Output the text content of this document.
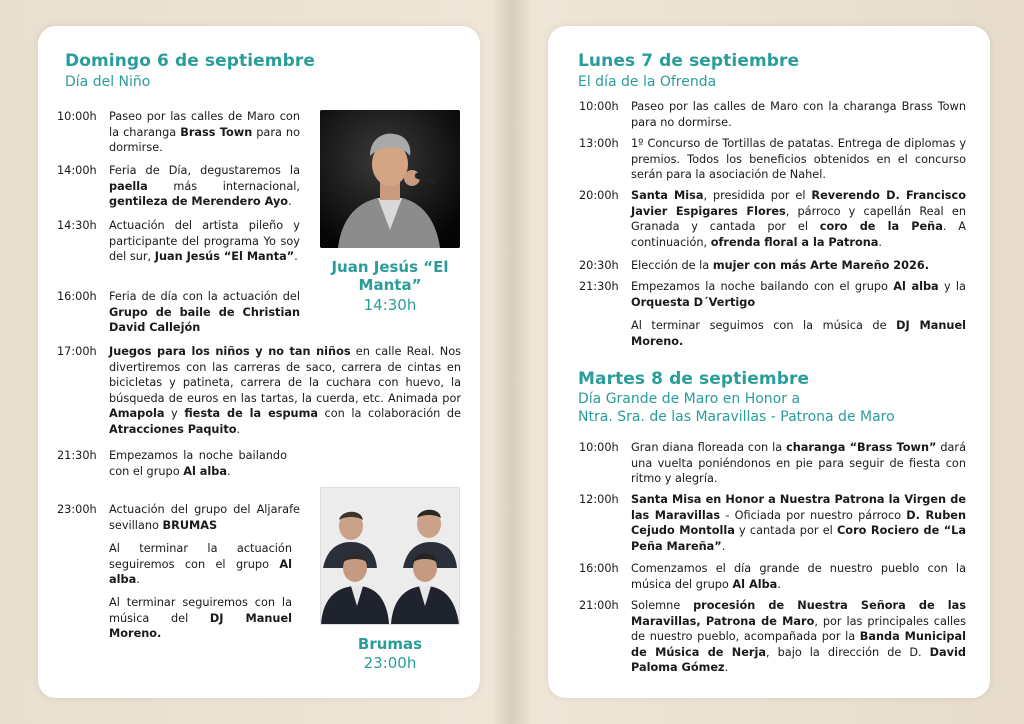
Domingo 6 de septiembre
Día del Niño
10:00h	Paseo por las calles de Maro con la charanga Brass Town para no dormirse.
14:00h	Feria de Día, degustaremos la paella más internacional, gentileza de Merendero Ayo.
14:30h	Actuación del artista pileño y participante del programa Yo soy del sur, Juan Jesús “El Manta”.
16:00h	Feria de día con la actuación del Grupo de baile de Christian David Callejón
17:00h	Juegos para los niños y no tan niños en calle Real. Nos divertiremos con las carreras de saco, carrera de cintas en bicicletas y patineta, carrera de la cuchara con huevo, la búsqueda de euros en las tartas, la cuerda, etc. Animada por Amapola y fiesta de la espuma con la colaboración de Atracciones Paquito.
21:30h	Empezamos la noche bailando con el grupo Al alba.
23:00h	Actuación del grupo del Aljarafe sevillano BRUMAS
Al terminar la actuación seguiremos con el grupo Al alba.
Al terminar seguiremos con la música del DJ Manuel Moreno.
Juan Jesús “El Manta”
14:30h
Brumas
23:00h
Lunes 7 de septiembre
El día de la Ofrenda
10:00h	Paseo por las calles de Maro con la charanga Brass Town para no dormirse.
13:00h	1º Concurso de Tortillas de patatas. Entrega de diplomas y premios. Todos los beneficios obtenidos en el concurso serán para la asociación de Nahel.
20:00h	Santa Misa, presidida por el Reverendo D. Francisco Javier Espigares Flores, párroco y capellán Real en Granada y cantada por el coro de la Peña. A continuación, ofrenda floral a la Patrona.
20:30h	Elección de la mujer con más Arte Mareño 2026.
21:30h	Empezamos la noche bailando con el grupo Al alba y la Orquesta D´Vertigo
Al terminar seguimos con la música de DJ Manuel Moreno.
Martes 8 de septiembre
Día Grande de Maro en Honor a
Ntra. Sra. de las Maravillas - Patrona de Maro
10:00h	Gran diana floreada con la charanga “Brass Town” dará una vuelta poniéndonos en pie para seguir de fiesta con ritmo y alegría.
12:00h	Santa Misa en Honor a Nuestra Patrona la Virgen de las Maravillas - Oficiada por nuestro párroco D. Ruben Cejudo Montolla y cantada por el Coro Rociero de “La Peña Mareña”.
16:00h	Comenzamos el día grande de nuestro pueblo con la música del grupo Al Alba.
21:00h	Solemne procesión de Nuestra Señora de las Maravillas, Patrona de Maro, por las principales calles de nuestro pueblo, acompañada por la Banda Municipal de Música de Nerja, bajo la dirección de D. David Paloma Gómez.
